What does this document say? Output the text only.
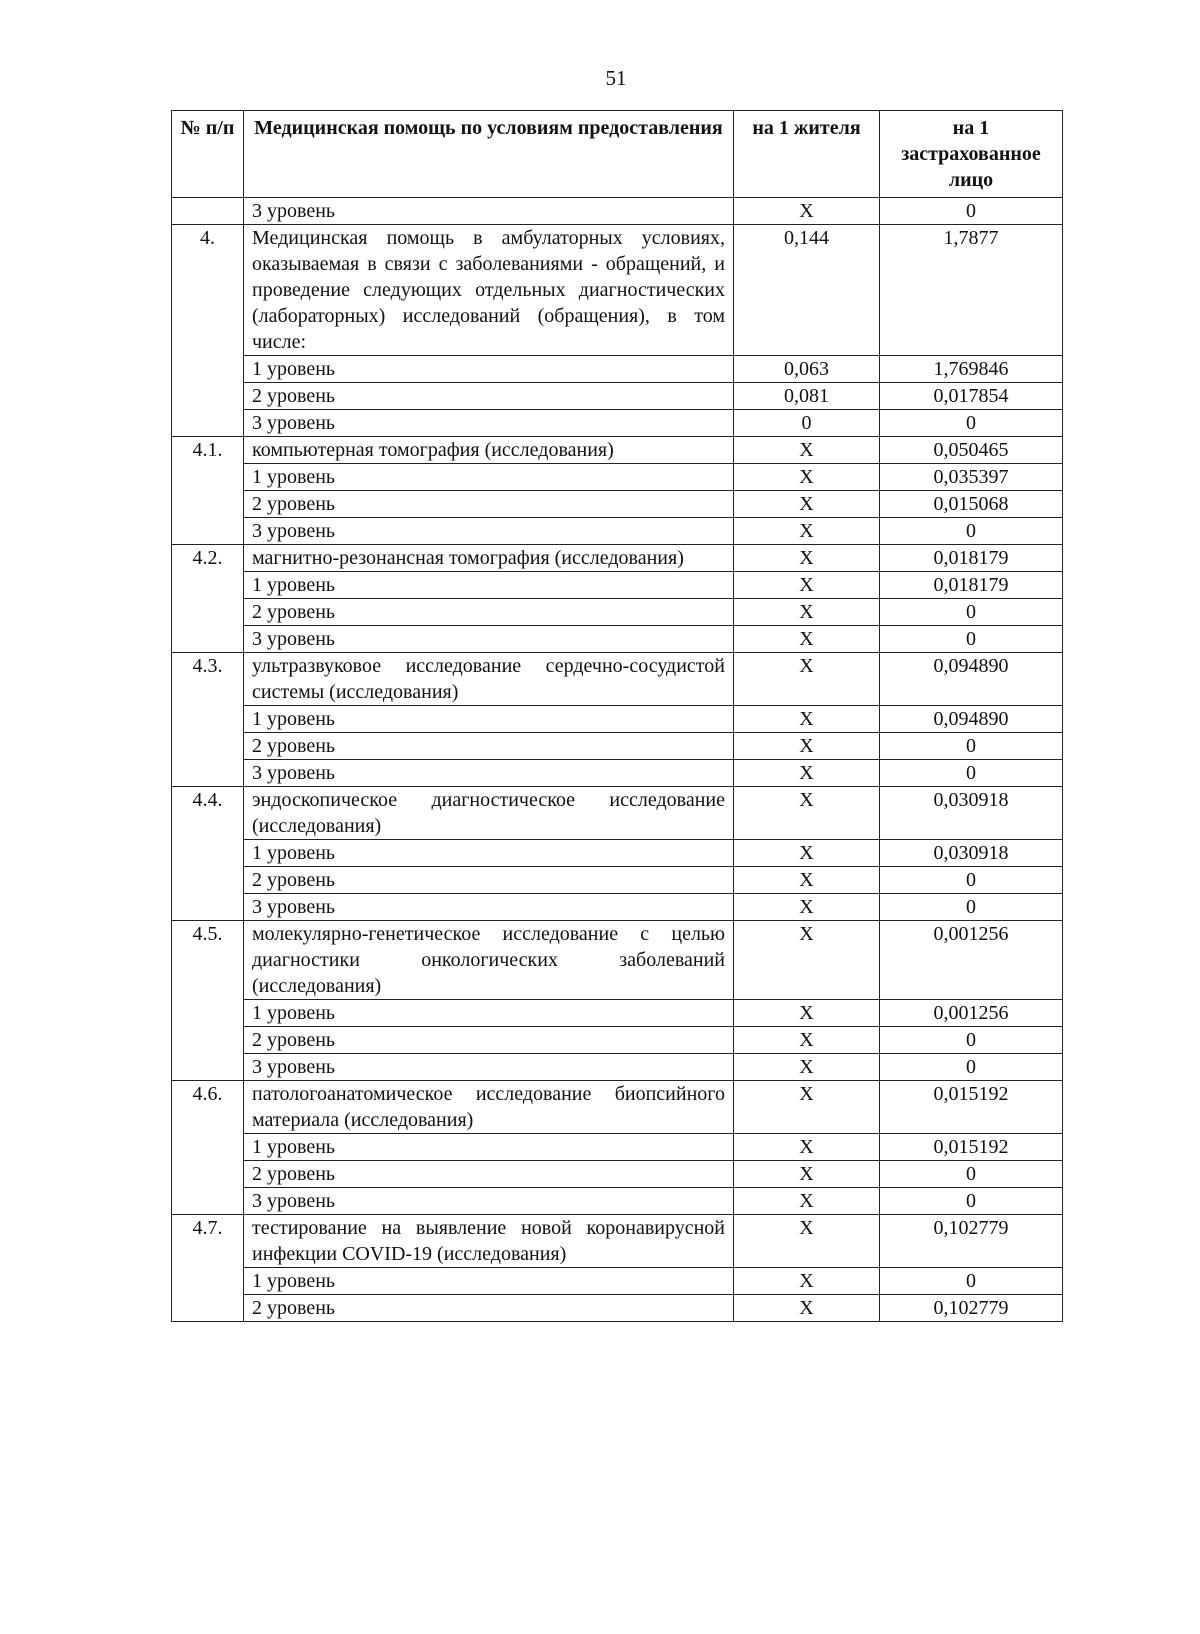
51
№ п/п	Медицинская помощь по условиям предоставления	на 1 жителя	на 1 застрахованное лицо
	3 уровень	Х	0
4.	Медицинская помощь в амбулаторных условиях, оказываемая в связи с заболеваниями - обращений, и проведение следующих отдельных диагностических (лабораторных) исследований (обращения), в том числе:	0,144	1,7877
	1 уровень	0,063	1,769846
	2 уровень	0,081	0,017854
	3 уровень	0	0
4.1.	компьютерная томография (исследования)	Х	0,050465
	1 уровень	Х	0,035397
	2 уровень	Х	0,015068
	3 уровень	Х	0
4.2.	магнитно-резонансная томография (исследования)	Х	0,018179
	1 уровень	Х	0,018179
	2 уровень	Х	0
	3 уровень	Х	0
4.3.	ультразвуковое исследование сердечно-сосудистой системы (исследования)	Х	0,094890
	1 уровень	Х	0,094890
	2 уровень	Х	0
	3 уровень	Х	0
4.4.	эндоскопическое диагностическое исследование (исследования)	Х	0,030918
	1 уровень	Х	0,030918
	2 уровень	Х	0
	3 уровень	Х	0
4.5.	молекулярно-генетическое исследование с целью диагностики онкологических заболеваний (исследования)	Х	0,001256
	1 уровень	Х	0,001256
	2 уровень	Х	0
	3 уровень	Х	0
4.6.	патологоанатомическое исследование биопсийного материала (исследования)	Х	0,015192
	1 уровень	Х	0,015192
	2 уровень	Х	0
	3 уровень	Х	0
4.7.	тестирование на выявление новой коронавирусной инфекции COVID-19 (исследования)	Х	0,102779
	1 уровень	Х	0
	2 уровень	Х	0,102779
